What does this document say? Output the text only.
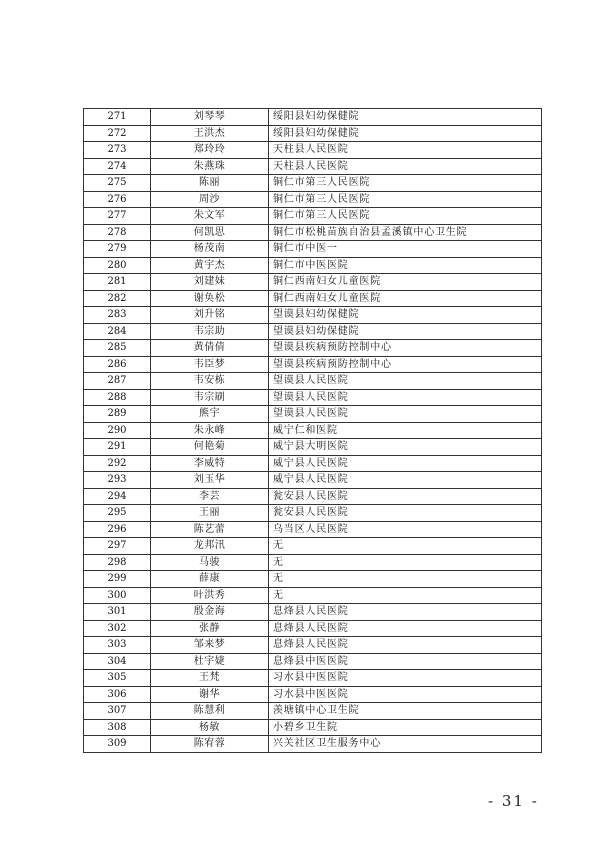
271	刘琴琴	绥阳县妇幼保健院
272	王洪杰	绥阳县妇幼保健院
273	郑玲玲	天柱县人民医院
274	朱燕珠	天柱县人民医院
275	陈丽	铜仁市第三人民医院
276	周沙	铜仁市第三人民医院
277	朱文军	铜仁市第三人民医院
278	何凯思	铜仁市松桃苗族自治县孟溪镇中心卫生院
279	杨茂南	铜仁市中医一
280	黄宇杰	铜仁市中医医院
281	刘建妹	铜仁西南妇女儿童医院
282	谢奂松	铜仁西南妇女儿童医院
283	刘升铭	望谟县妇幼保健院
284	韦宗助	望谟县妇幼保健院
285	黄倩倩	望谟县疾病预防控制中心
286	韦臣梦	望谟县疾病预防控制中心
287	韦安栋	望谟县人民医院
288	韦宗刷	望谟县人民医院
289	熊宇	望谟县人民医院
290	朱永峰	威宁仁和医院
291	何艳菊	威宁县大明医院
292	李威特	威宁县人民医院
293	刘玉华	威宁县人民医院
294	李芸	瓮安县人民医院
295	王丽	瓮安县人民医院
296	陈艺蕾	乌当区人民医院
297	龙邦汛	无
298	马骏	无
299	薛康	无
300	叶洪秀	无
301	殷金海	息烽县人民医院
302	张静	息烽县人民医院
303	邹来梦	息烽县人民医院
304	杜宇婕	息烽县中医医院
305	王梵	习水县中医医院
306	谢华	习水县中医医院
307	陈慧利	羡塘镇中心卫生院
308	杨敏	小碧乡卫生院
309	陈宥蓉	兴关社区卫生服务中心
- 31 -
